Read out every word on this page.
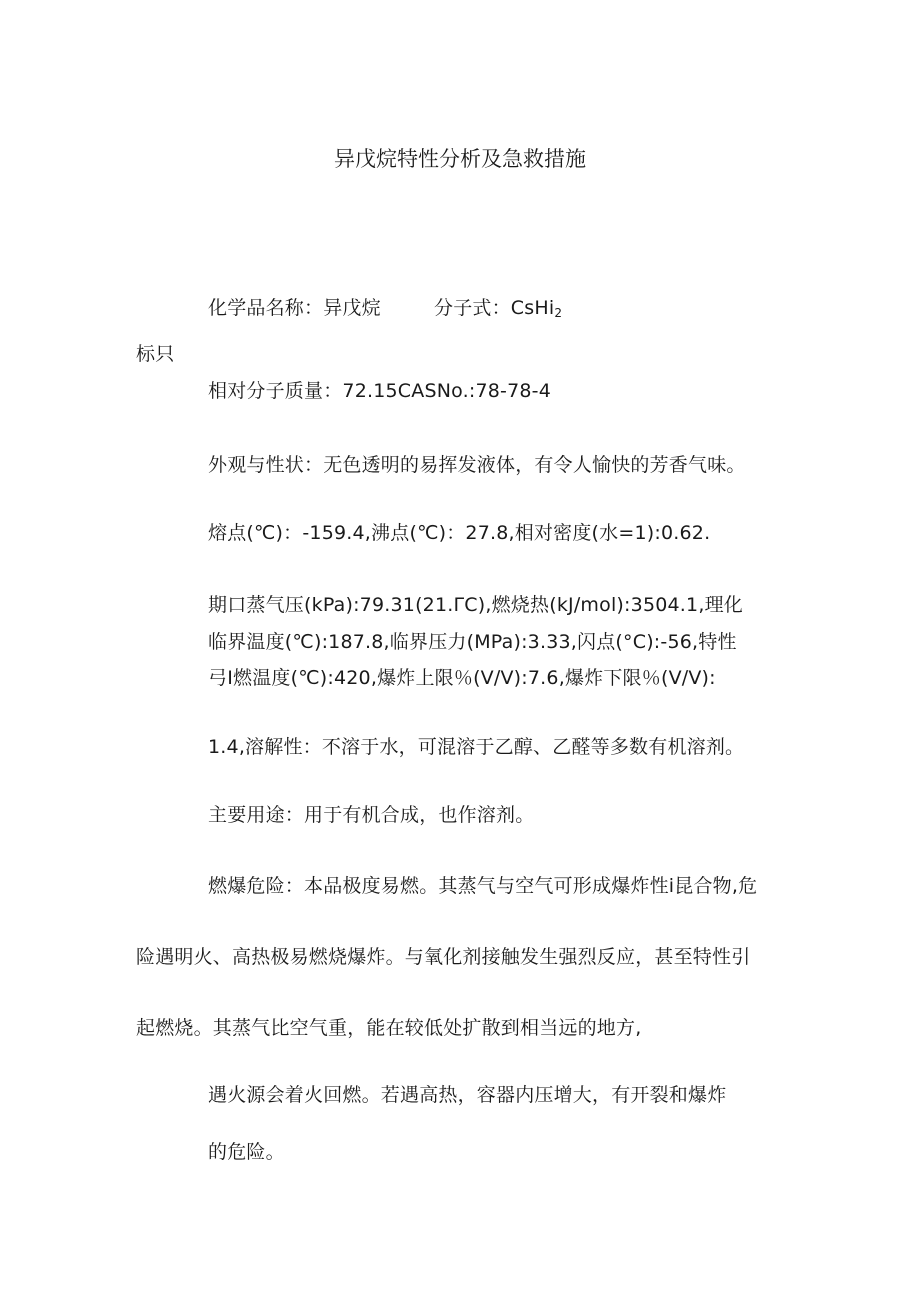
异戊烷特性分析及急救措施
化学品名称：异戊烷	分子式：CsHi$_2$
标只
相对分子质量：72.15CASNo.:78-78-4
外观与性状：无色透明的易挥发液体，有令人愉快的芳香气味。
熔点(℃)：-159.4,沸点(℃)：27.8,相对密度(水=1):0.62.
期口蒸气压(kPa):79.31(21.ΓC),燃烧热(kJ∕mol):3504.1,理化
临界温度(℃):187.8,临界压力(MPa):3.33,闪点(°C):-56,特性
弓I燃温度(℃):420,爆炸上限％(V∕V):7.6,爆炸下限％(V∕V):
1.4,溶解性：不溶于水，可混溶于乙醇、乙醛等多数有机溶剂。
主要用途：用于有机合成，也作溶剂。
燃爆危险：本品极度易燃。其蒸气与空气可形成爆炸性i昆合物,危
险遇明火、高热极易燃烧爆炸。与氧化剂接触发生强烈反应，甚至特性引
起燃烧。其蒸气比空气重，能在较低处扩散到相当远的地方,
遇火源会着火回燃。若遇高热，容器内压增大，有开裂和爆炸
的危险。
